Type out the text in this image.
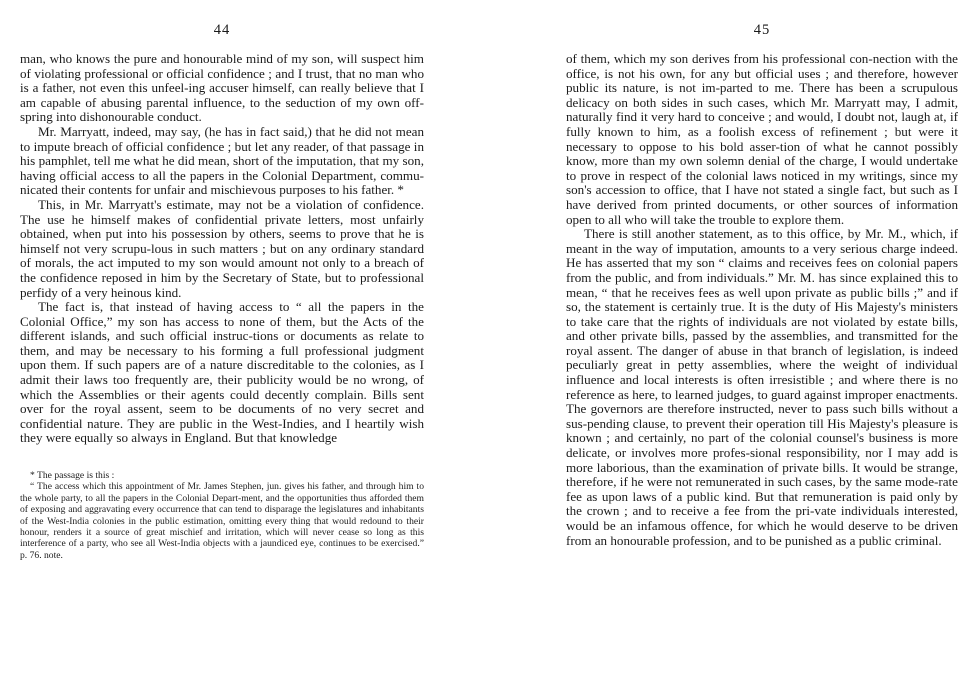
44

man, who knows the pure and honourable mind of my son, will suspect him of violating professional or official confidence ; and I trust, that no man who is a father, not even this unfeel-ing accuser himself, can really believe that I am capable of abusing parental influence, to the seduction of my own off-spring into dishonourable conduct.

Mr. Marryatt, indeed, may say, (he has in fact said,) that he did not mean to impute breach of official confidence ; but let any reader, of that passage in his pamphlet, tell me what he did mean, short of the imputation, that my son, having official access to all the papers in the Colonial Department, commu-nicated their contents for unfair and mischievous purposes to his father. *

This, in Mr. Marryatt's estimate, may not be a violation of confidence. The use he himself makes of confidential private letters, most unfairly obtained, when put into his possession by others, seems to prove that he is himself not very scrupu-lous in such matters ; but on any ordinary standard of morals, the act imputed to my son would amount not only to a breach of the confidence reposed in him by the Secretary of State, but to professional perfidy of a very heinous kind.

The fact is, that instead of having access to “ all the papers in the Colonial Office,” my son has access to none of them, but the Acts of the different islands, and such official instruc-tions or documents as relate to them, and may be necessary to his forming a full professional judgment upon them. If such papers are of a nature discreditable to the colonies, as I admit their laws too frequently are, their publicity would be no wrong, of which the Assemblies or their agents could decently complain. Bills sent over for the royal assent, seem to be documents of no very secret and confidential nature. They are public in the West-Indies, and I heartily wish they were equally so always in England. But that knowledge

* The passage is this :

“ The access which this appointment of Mr. James Stephen, jun. gives his father, and through him to the whole party, to all the papers in the Colonial Depart-ment, and the opportunities thus afforded them of exposing and aggravating every occurrence that can tend to disparage the legislatures and inhabitants of the West-India colonies in the public estimation, omitting every thing that would redound to their honour, renders it a source of great mischief and irritation, which will never cease so long as this interference of a party, who see all West-India objects with a jaundiced eye, continues to be exercised.” p. 76. note.

45

of them, which my son derives from his professional con-nection with the office, is not his own, for any but official uses ; and therefore, however public its nature, is not im-parted to me. There has been a scrupulous delicacy on both sides in such cases, which Mr. Marryatt may, I admit, naturally find it very hard to conceive ; and would, I doubt not, laugh at, if fully known to him, as a foolish excess of refinement ; but were it necessary to oppose to his bold asser-tion of what he cannot possibly know, more than my own solemn denial of the charge, I would undertake to prove in respect of the colonial laws noticed in my writings, since my son's accession to office, that I have not stated a single fact, but such as I have derived from printed documents, or other sources of information open to all who will take the trouble to explore them.

There is still another statement, as to this office, by Mr. M., which, if meant in the way of imputation, amounts to a very serious charge indeed. He has asserted that my son “ claims and receives fees on colonial papers from the public, and from individuals.” Mr. M. has since explained this to mean, “ that he receives fees as well upon private as public bills ;” and if so, the statement is certainly true. It is the duty of His Majesty's ministers to take care that the rights of individuals are not violated by estate bills, and other private bills, passed by the assemblies, and transmitted for the royal assent. The danger of abuse in that branch of legislation, is indeed peculiarly great in petty assemblies, where the weight of individual influence and local interests is often irresistible ; and where there is no reference as here, to learned judges, to guard against improper enactments. The governors are therefore instructed, never to pass such bills without a sus-pending clause, to prevent their operation till His Majesty's pleasure is known ; and certainly, no part of the colonial counsel's business is more delicate, or involves more profes-sional responsibility, nor I may add is more laborious, than the examination of private bills. It would be strange, therefore, if he were not remunerated in such cases, by the same mode-rate fee as upon laws of a public kind. But that remuneration is paid only by the crown ; and to receive a fee from the pri-vate individuals interested, would be an infamous offence, for which he would deserve to be driven from an honourable profession, and to be punished as a public criminal.
